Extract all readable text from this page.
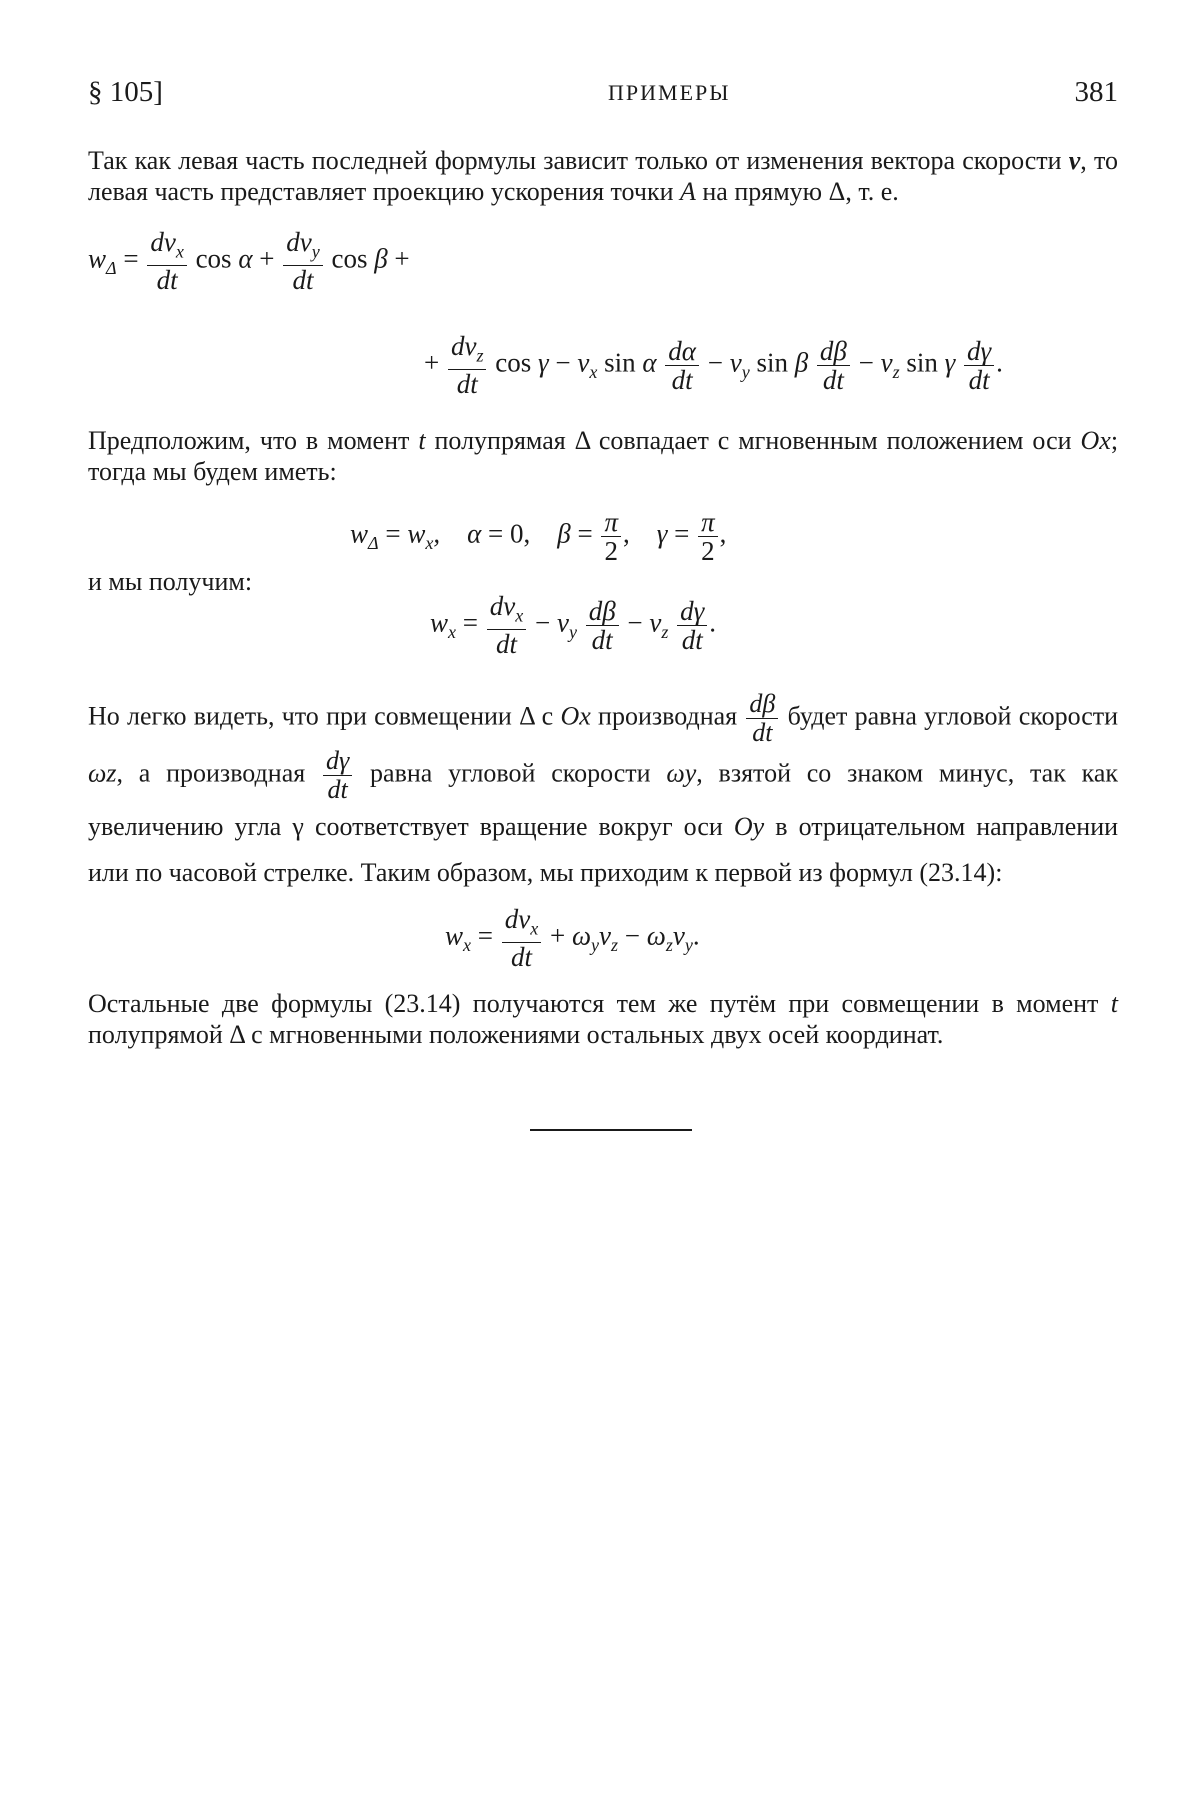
§ 105]	ПРИМЕРЫ	381
Так как левая часть последней формулы зависит только от изменения вектора скорости v, то левая часть представляет проекцию ускорения точки A на прямую Δ, т. е.
$w_\Delta = \frac{dv_x}{dt}$ $\cos \alpha + \frac{dv_y}{dt}$ cos β +
+ $\frac{dv_z}{dt}$ $\cos \gamma - v_x$ sin α $\frac{d\alpha}{dt} - v_y$ sin β $\frac{d\beta}{dt} - v_z$ sin γ $\frac{d\gamma}{dt}$ .
Предположим, что в момент t полупрямая Δ совпадает с мгновенным положением оси Ox; тогда мы будем иметь:
$w_\Delta = w_x$,    α = 0,    $\beta = \frac{\pi}{2}$ ,    $\gamma = \frac{\pi}{2}$ ,
и мы получим:
$w_x = \frac{dv_x}{dt} - v_y \frac{d\beta}{dt} - v_z \frac{d\gamma}{dt}$ .
Но легко видеть, что при совмещении Δ с Ox производная $\frac{d\beta}{dt}$ будет равна угловой скорости ωz, а производная $\frac{d\gamma}{dt}$ равна угловой скорости ωy, взятой со знаком минус, так как увеличению угла γ соответствует вращение вокруг оси Oy в отрицательном направлении или по часовой стрелке. Таким образом, мы приходим к первой из формул (23.14):
$w_x = \frac{dv_x}{dt} + \omega_yv_z - \omega_zv_y$.
Остальные две формулы (23.14) получаются тем же путём при совмещении в момент t полупрямой Δ с мгновенными положениями остальных двух осей координат.
